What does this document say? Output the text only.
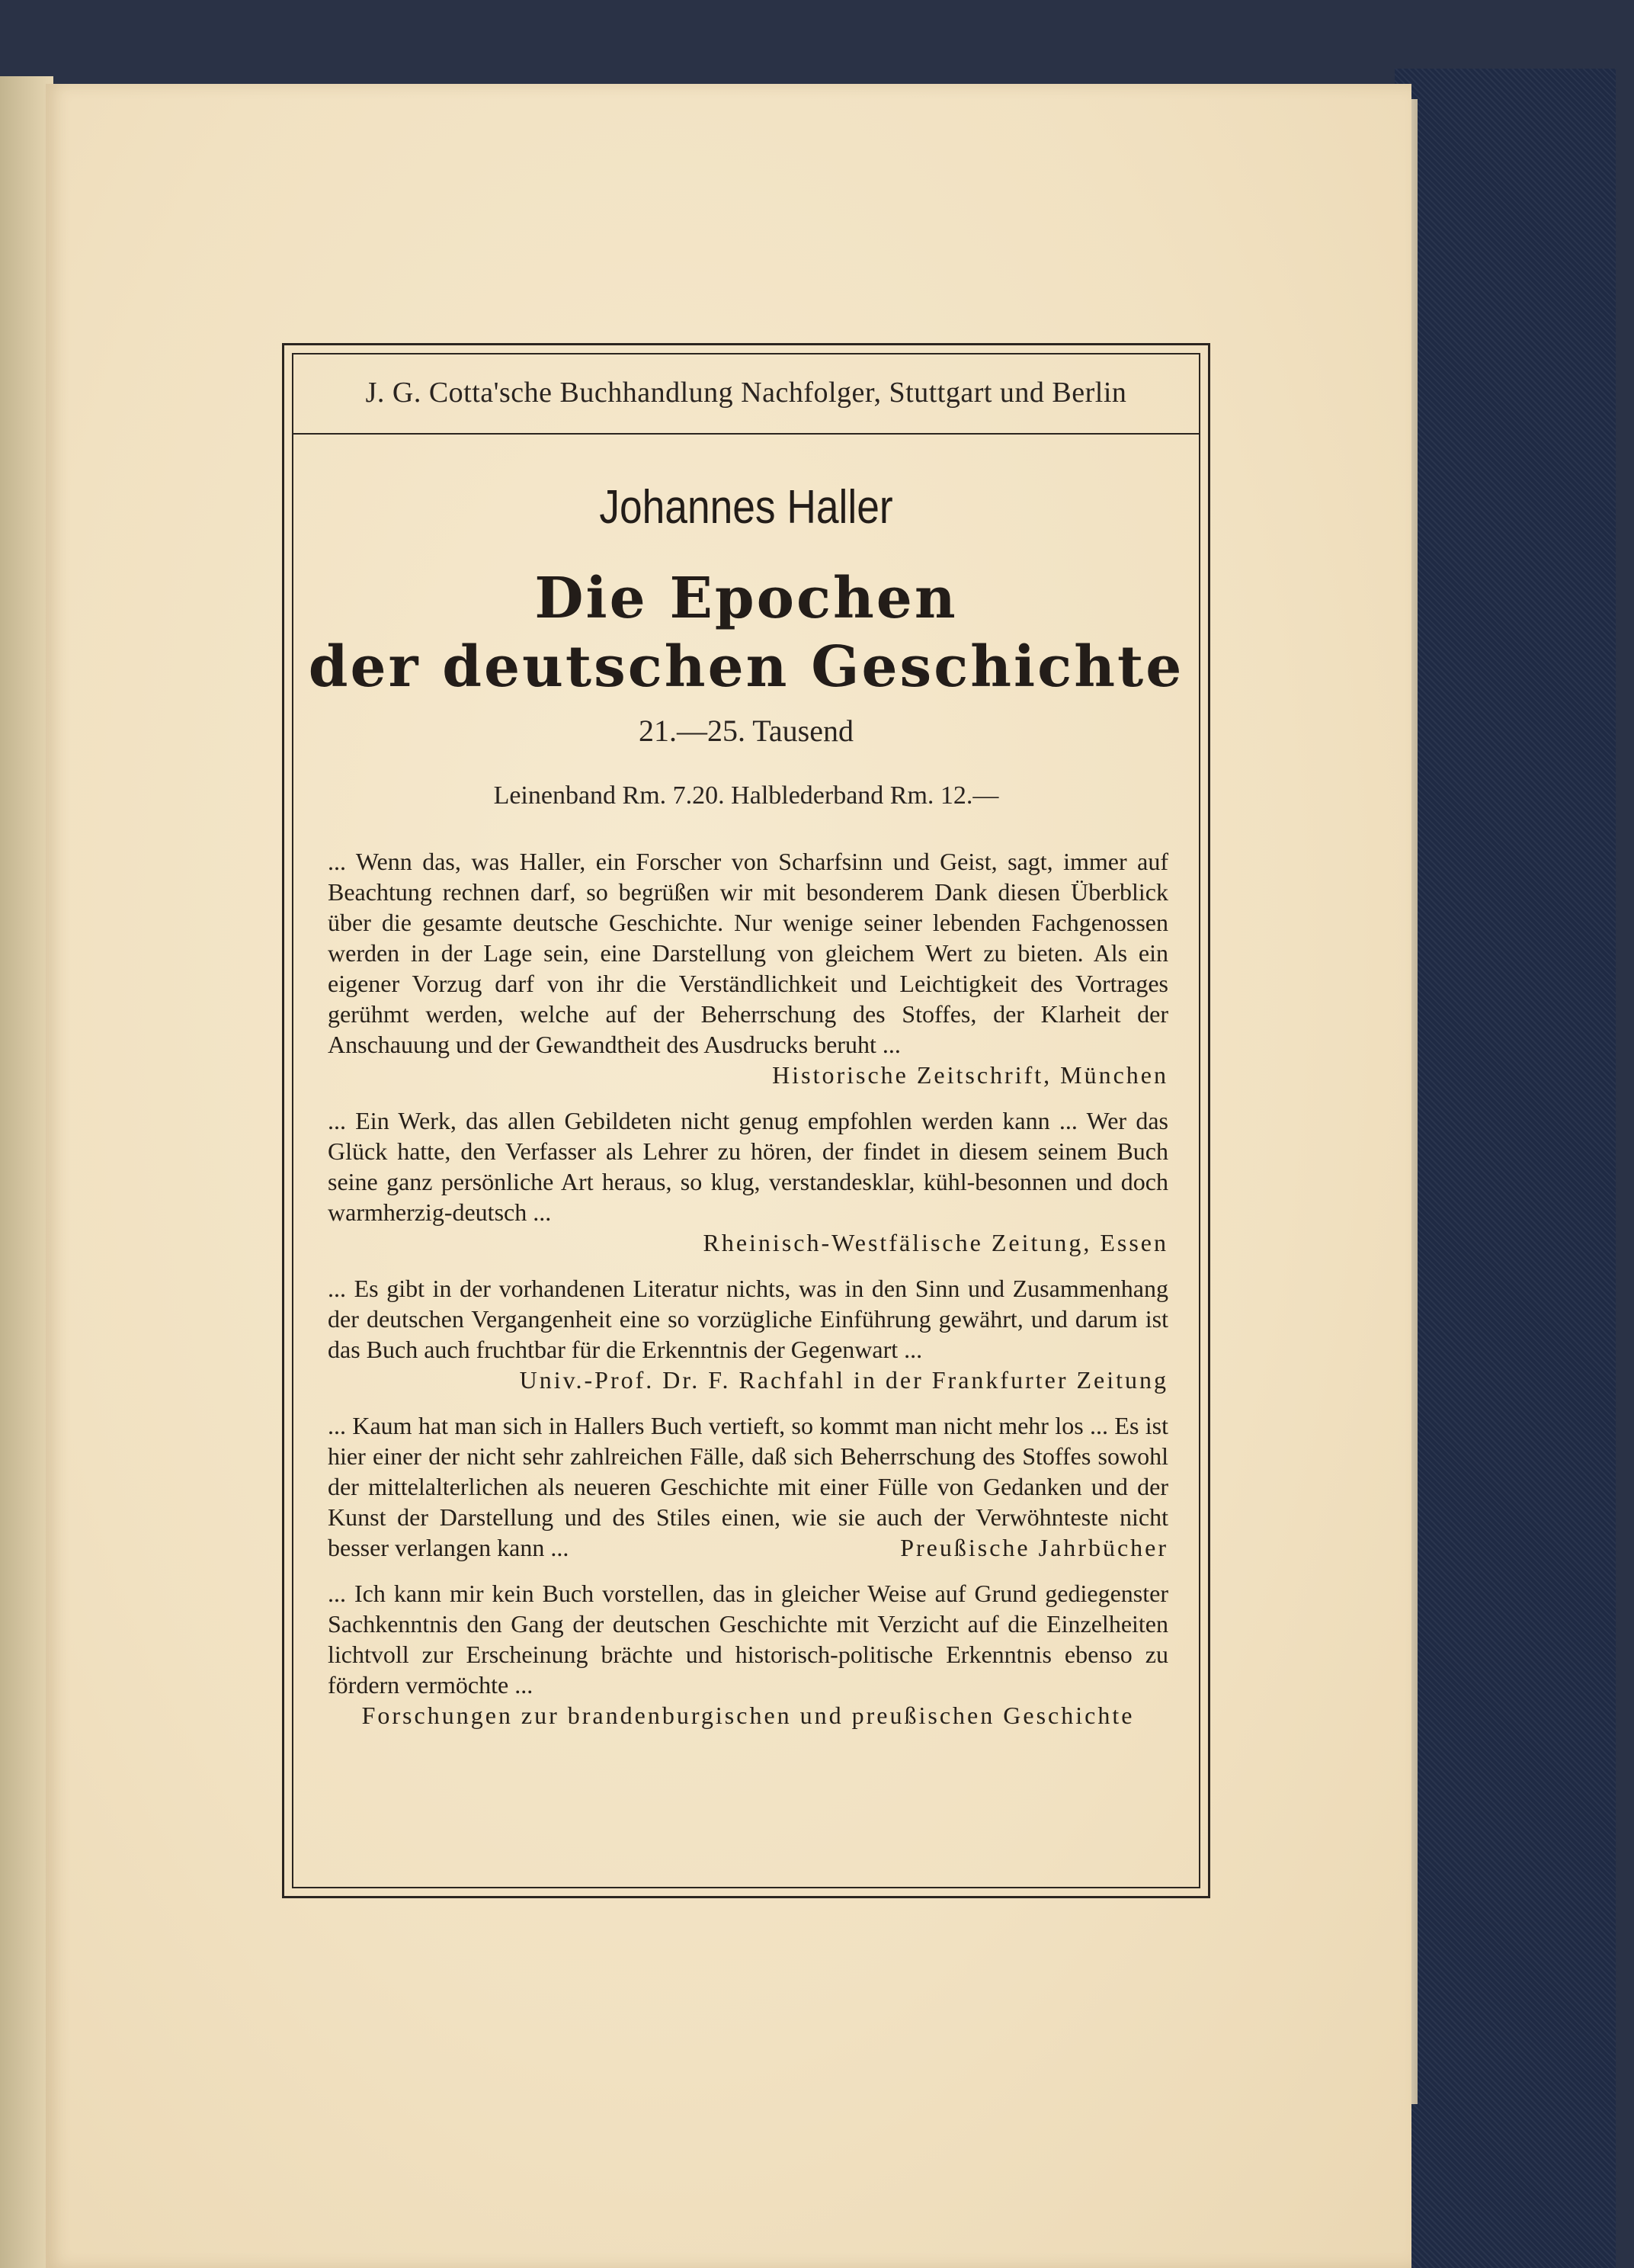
J. G. Cotta'sche Buchhandlung Nachfolger, Stuttgart und Berlin
Johannes Haller
Die Epochen
der deutschen Geschichte
21.—25. Tausend
Leinenband Rm. 7.20. Halblederband Rm. 12.—
... Wenn das, was Haller, ein Forscher von Scharfsinn und Geist, sagt, immer auf Beachtung rechnen darf, so begrüßen wir mit besonderem Dank diesen Überblick über die gesamte deutsche Geschichte. Nur wenige seiner lebenden Fachgenossen werden in der Lage sein, eine Darstellung von gleichem Wert zu bieten. Als ein eigener Vorzug darf von ihr die Verständlichkeit und Leichtigkeit des Vortrages gerühmt werden, welche auf der Beherrschung des Stoffes, der Klarheit der Anschauung und der Gewandtheit des Ausdrucks beruht ...
Historische Zeitschrift, München
... Ein Werk, das allen Gebildeten nicht genug empfohlen werden kann ... Wer das Glück hatte, den Verfasser als Lehrer zu hören, der findet in diesem seinem Buch seine ganz persönliche Art heraus, so klug, verstandesklar, kühl-besonnen und doch warmherzig-deutsch ...
Rheinisch-Westfälische Zeitung, Essen
... Es gibt in der vorhandenen Literatur nichts, was in den Sinn und Zusammenhang der deutschen Vergangenheit eine so vorzügliche Einführung gewährt, und darum ist das Buch auch fruchtbar für die Erkenntnis der Gegenwart ...
Univ.-Prof. Dr. F. Rachfahl in der Frankfurter Zeitung
... Kaum hat man sich in Hallers Buch vertieft, so kommt man nicht mehr los ... Es ist hier einer der nicht sehr zahlreichen Fälle, daß sich Beherrschung des Stoffes sowohl der mittelalterlichen als neueren Geschichte mit einer Fülle von Gedanken und der Kunst der Darstellung und des Stiles einen, wie sie auch der Verwöhnteste nicht besser verlangen kann ...	Preußische Jahrbücher
... Ich kann mir kein Buch vorstellen, das in gleicher Weise auf Grund gediegenster Sachkenntnis den Gang der deutschen Geschichte mit Verzicht auf die Einzelheiten lichtvoll zur Erscheinung brächte und historisch-politische Erkenntnis ebenso zu fördern vermöchte ...
Forschungen zur brandenburgischen und preußischen Geschichte
